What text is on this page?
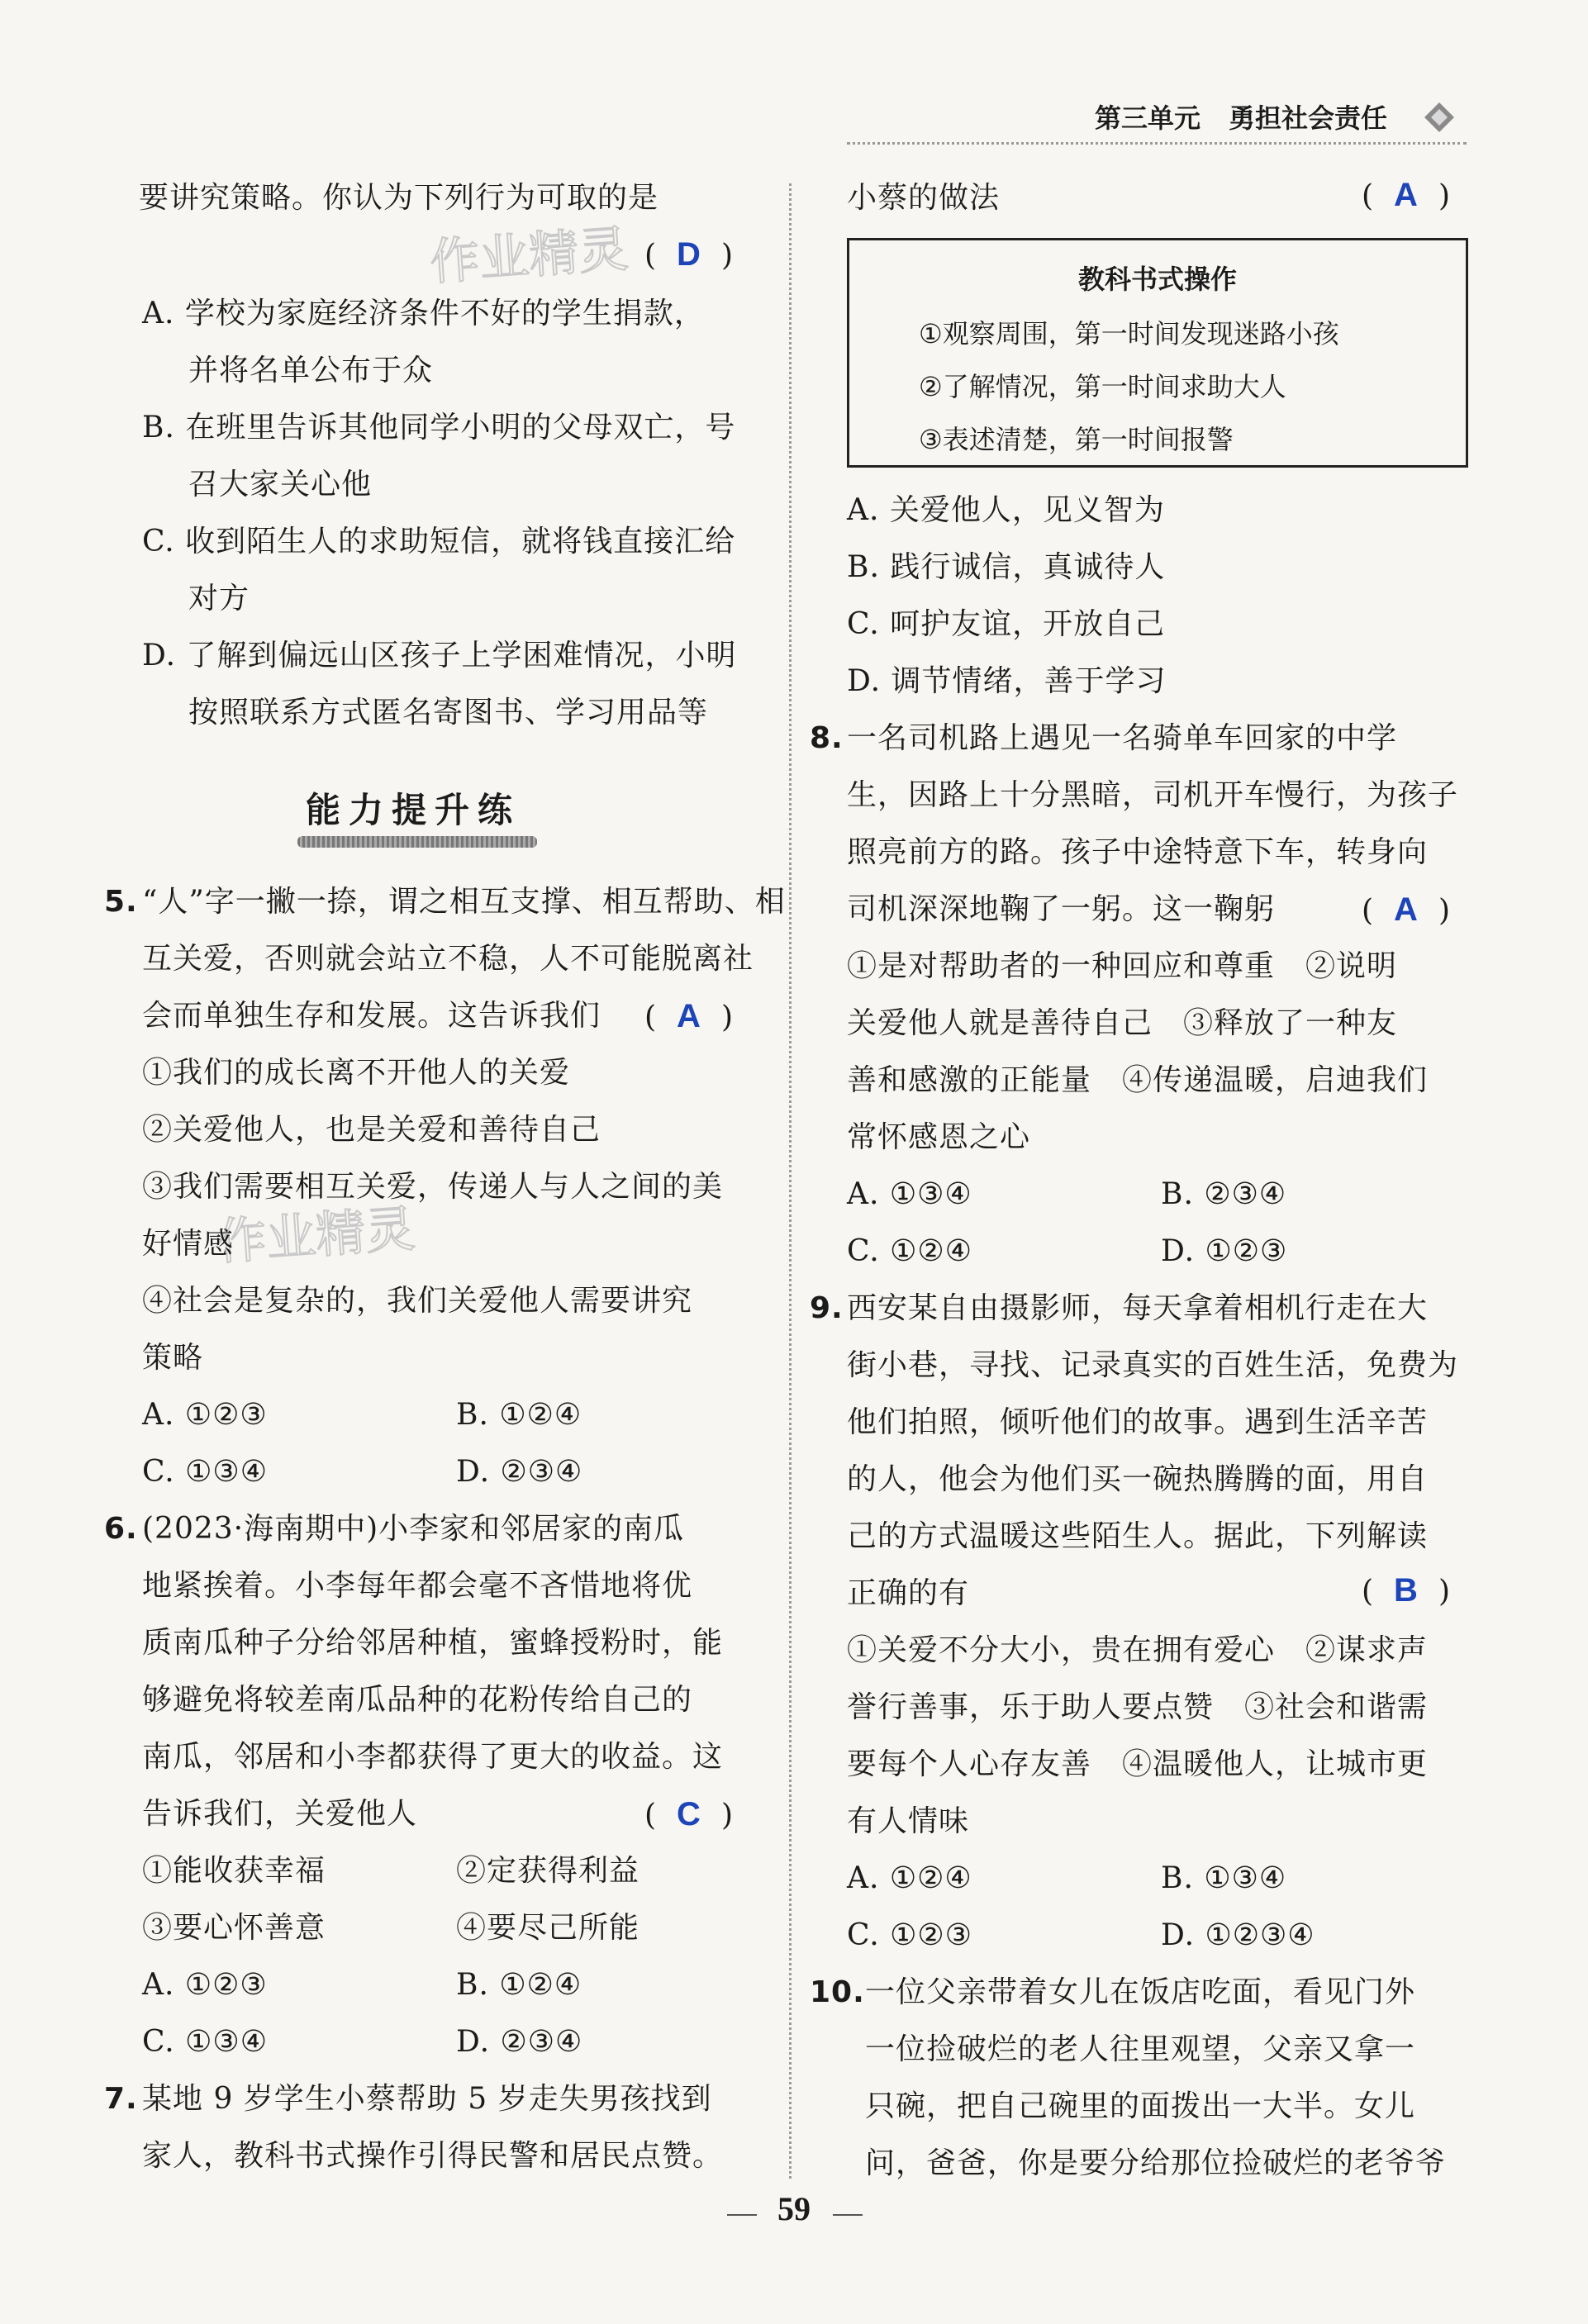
第三单元 勇担社会责任
作业精灵
作业精灵
要讲究策略。你认为下列行为可取的是
( D )
A. 学校为家庭经济条件不好的学生捐款，
并将名单公布于众
B. 在班里告诉其他同学小明的父母双亡，号
召大家关心他
C. 收到陌生人的求助短信，就将钱直接汇给
对方
D. 了解到偏远山区孩子上学困难情况，小明
按照联系方式匿名寄图书、学习用品等
能力提升练
5. “人”字一撇一捺，谓之相互支撑、相互帮助、相
互关爱，否则就会站立不稳，人不可能脱离社
会而单独生存和发展。这告诉我们 ( A )
①我们的成长离不开他人的关爱
②关爱他人，也是关爱和善待自己
③我们需要相互关爱，传递人与人之间的美
好情感
④社会是复杂的，我们关爱他人需要讲究
策略
A. ①②③	B. ①②④
C. ①③④	D. ②③④
6. (2023·海南期中)小李家和邻居家的南瓜
地紧挨着。小李每年都会毫不吝惜地将优
质南瓜种子分给邻居种植，蜜蜂授粉时，能
够避免将较差南瓜品种的花粉传给自己的
南瓜，邻居和小李都获得了更大的收益。这
告诉我们，关爱他人	( C )
①能收获幸福	②定获得利益
③要心怀善意	④要尽己所能
A. ①②③	B. ①②④
C. ①③④	D. ②③④
7. 某地 9 岁学生小蔡帮助 5 岁走失男孩找到
家人，教科书式操作引得民警和居民点赞。
小蔡的做法	( A )
教科书式操作
①观察周围，第一时间发现迷路小孩
②了解情况，第一时间求助大人
③表述清楚，第一时间报警
A. 关爱他人，见义智为
B. 践行诚信，真诚待人
C. 呵护友谊，开放自己
D. 调节情绪，善于学习
8. 一名司机路上遇见一名骑单车回家的中学
生，因路上十分黑暗，司机开车慢行，为孩子
照亮前方的路。孩子中途特意下车，转身向
司机深深地鞠了一躬。这一鞠躬	( A )
①是对帮助者的一种回应和尊重　②说明
关爱他人就是善待自己　③释放了一种友
善和感激的正能量　④传递温暖，启迪我们
常怀感恩之心
A. ①③④	B. ②③④
C. ①②④	D. ①②③
9. 西安某自由摄影师，每天拿着相机行走在大
街小巷，寻找、记录真实的百姓生活，免费为
他们拍照，倾听他们的故事。遇到生活辛苦
的人，他会为他们买一碗热腾腾的面，用自
己的方式温暖这些陌生人。据此，下列解读
正确的有	( B )
①关爱不分大小，贵在拥有爱心　②谋求声
誉行善事，乐于助人要点赞　③社会和谐需
要每个人心存友善　④温暖他人，让城市更
有人情味
A. ①②④	B. ①③④
C. ①②③	D. ①②③④
10. 一位父亲带着女儿在饭店吃面，看见门外
一位捡破烂的老人往里观望，父亲又拿一
只碗，把自己碗里的面拨出一大半。女儿
问，爸爸，你是要分给那位捡破烂的老爷爷
59
